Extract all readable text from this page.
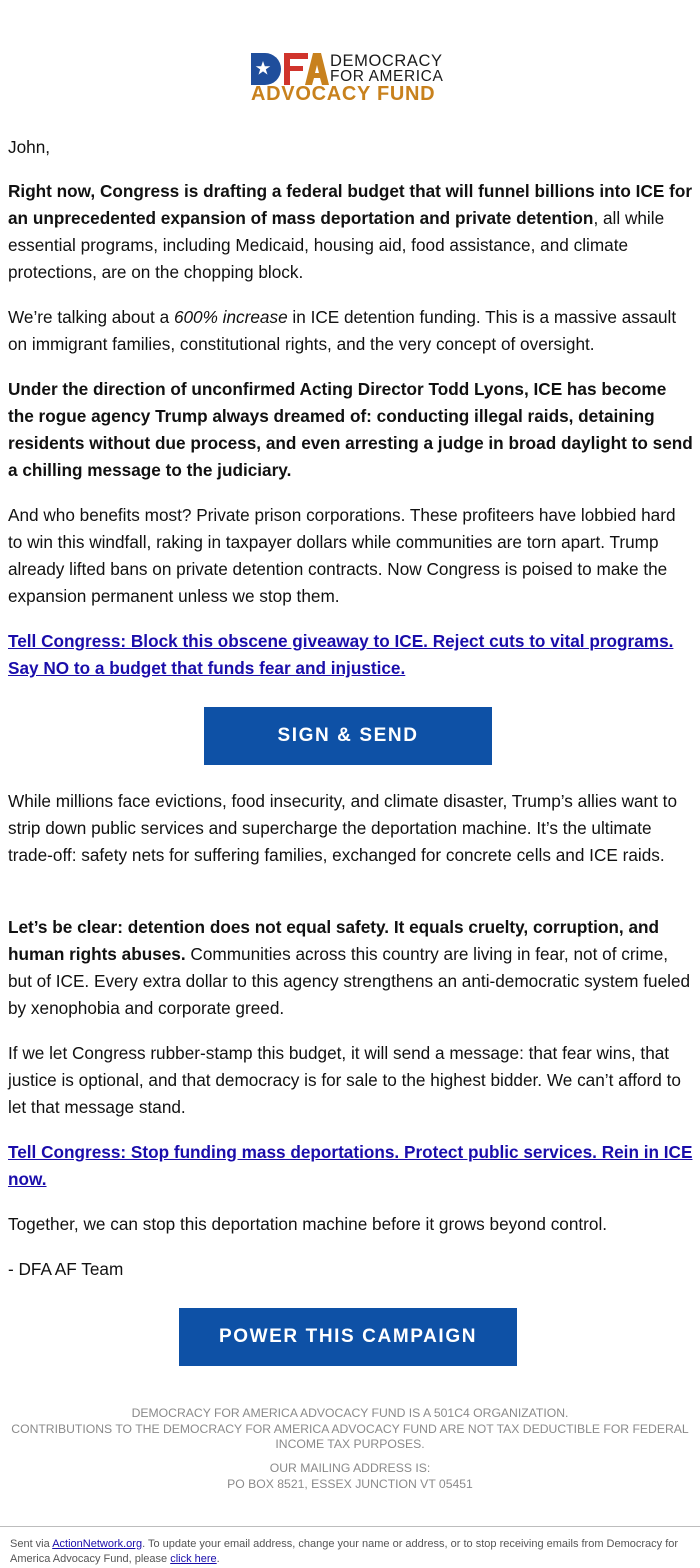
DEMOCRACY
FOR AMERICA
ADVOCACY FUND

John,

Right now, Congress is drafting a federal budget that will funnel billions into ICE for an unprecedented expansion of mass deportation and private detention, all while essential programs, including Medicaid, housing aid, food assistance, and climate protections, are on the chopping block.

We’re talking about a 600% increase in ICE detention funding. This is a massive assault on immigrant families, constitutional rights, and the very concept of oversight.

Under the direction of unconfirmed Acting Director Todd Lyons, ICE has become the rogue agency Trump always dreamed of: conducting illegal raids, detaining residents without due process, and even arresting a judge in broad daylight to send a chilling message to the judiciary.

And who benefits most? Private prison corporations. These profiteers have lobbied hard to win this windfall, raking in taxpayer dollars while communities are torn apart. Trump already lifted bans on private detention contracts. Now Congress is poised to make the expansion permanent unless we stop them.

Tell Congress: Block this obscene giveaway to ICE. Reject cuts to vital programs. Say NO to a budget that funds fear and injustice.
SIGN & SEND

While millions face evictions, food insecurity, and climate disaster, Trump’s allies want to strip down public services and supercharge the deportation machine. It’s the ultimate trade-off: safety nets for suffering families, exchanged for concrete cells and ICE raids.

Let’s be clear: detention does not equal safety. It equals cruelty, corruption, and human rights abuses. Communities across this country are living in fear, not of crime, but of ICE. Every extra dollar to this agency strengthens an anti-democratic system fueled by xenophobia and corporate greed.

If we let Congress rubber-stamp this budget, it will send a message: that fear wins, that justice is optional, and that democracy is for sale to the highest bidder. We can’t afford to let that message stand.

Tell Congress: Stop funding mass deportations. Protect public services. Rein in ICE now.

Together, we can stop this deportation machine before it grows beyond control.

- DFA AF Team

POWER THIS CAMPAIGN
DEMOCRACY FOR AMERICA ADVOCACY FUND IS A 501C4 ORGANIZATION.
CONTRIBUTIONS TO THE DEMOCRACY FOR AMERICA ADVOCACY FUND ARE NOT TAX DEDUCTIBLE FOR FEDERAL INCOME TAX PURPOSES.
OUR MAILING ADDRESS IS:
PO BOX 8521, ESSEX JUNCTION VT 05451
Sent via ActionNetwork.org. To update your email address, change your name or address, or to stop receiving emails from Democracy for America Advocacy Fund, please click here.
